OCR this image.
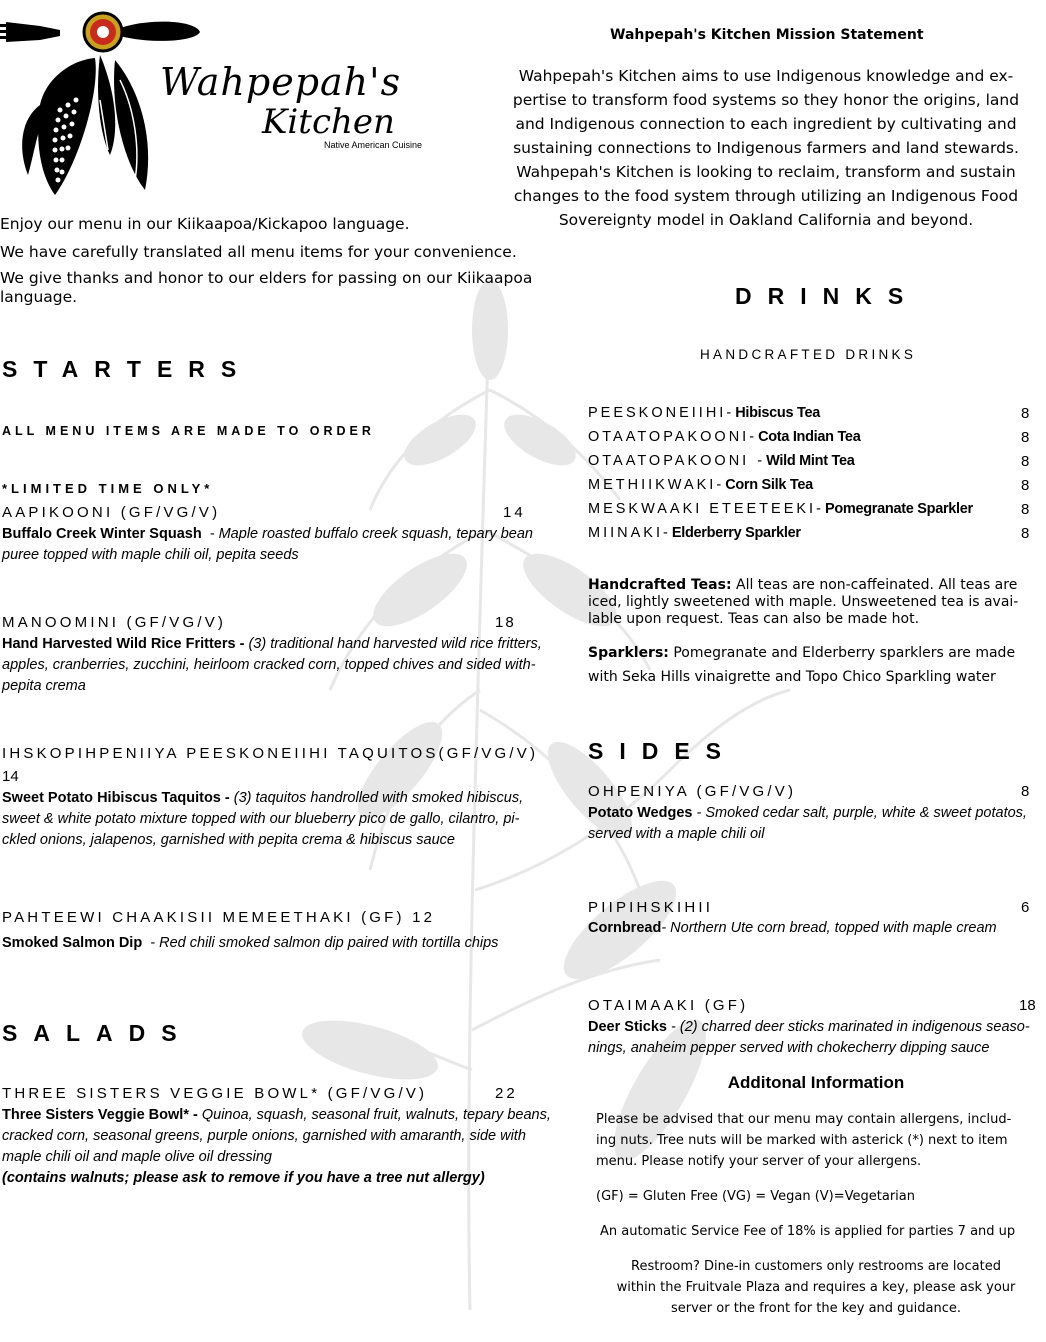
Wahpepah's
Kitchen
Native American Cuisine
Wahpepah's Kitchen Mission Statement
Wahpepah's Kitchen aims to use Indigenous knowledge and ex-
pertise to transform food systems so they honor the origins, land
and Indigenous connection to each ingredient by cultivating and
sustaining connections to Indigenous farmers and land stewards.
Wahpepah's Kitchen is looking to reclaim, transform and sustain
changes to the food system through utilizing an Indigenous Food
Sovereignty model in Oakland California and beyond.
Enjoy our menu in our Kiikaapoa/Kickapoo language.
We have carefully translated all menu items for your convenience.
We give thanks and honor to our elders for passing on our Kiikaapoa language.
STARTERS
ALL MENU ITEMS ARE MADE TO ORDER
*LIMITED TIME ONLY*
AAPIKOONI (GF/VG/V)	14
Buffalo Creek Winter Squash - Maple roasted buffalo creek squash, tepary bean
puree topped with maple chili oil, pepita seeds
MANOOMINI (GF/VG/V)	18
Hand Harvested Wild Rice Fritters - (3) traditional hand harvested wild rice fritters,
apples, cranberries, zucchini, heirloom cracked corn, topped chives and sided with-
pepita crema
IHSKOPIHPENIIYA PEESKONEIIHI TAQUITOS(GF/VG/V)
14
Sweet Potato Hibiscus Taquitos - (3) taquitos handrolled with smoked hibiscus,
sweet & white potato mixture topped with our blueberry pico de gallo, cilantro, pi-
ckled onions, jalapenos, garnished with pepita crema & hibiscus sauce
PAHTEEWI CHAAKISII MEMEETHAKI (GF) 12
Smoked Salmon Dip - Red chili smoked salmon dip paired with tortilla chips
SALADS
THREE SISTERS VEGGIE BOWL* (GF/VG/V)	22
Three Sisters Veggie Bowl* - Quinoa, squash, seasonal fruit, walnuts, tepary beans,
cracked corn, seasonal greens, purple onions, garnished with amaranth, side with
maple chili oil and maple olive oil dressing
(contains walnuts; please ask to remove if you have a tree nut allergy)
DRINKS
HANDCRAFTED DRINKS
PEESKONEIIHI- Hibiscus Tea	8
OTAATOPAKOONI- Cota Indian Tea	8
OTAATOPAKOONI - Wild Mint Tea	8
METHIIKWAKI- Corn Silk Tea	8
MESKWAAKI ETEETEEKI- Pomegranate Sparkler	8
MIINAKI- Elderberry Sparkler	8
Handcrafted Teas: All teas are non-caffeinated. All teas are
iced, lightly sweetened with maple. Unsweetened tea is avai-
lable upon request. Teas can also be made hot.
Sparklers: Pomegranate and Elderberry sparklers are made
with Seka Hills vinaigrette and Topo Chico Sparkling water
SIDES
OHPENIYA (GF/VG/V)	8
Potato Wedges - Smoked cedar salt, purple, white & sweet potatos,
served with a maple chili oil
PIIPIHSKIHII	6
Cornbread- Northern Ute corn bread, topped with maple cream
OTAIMAAKI (GF)	18
Deer Sticks - (2) charred deer sticks marinated in indigenous seaso-
nings, anaheim pepper served with chokecherry dipping sauce
Additonal Information
Please be advised that our menu may contain allergens, includ-
ing nuts. Tree nuts will be marked with asterick (*) next to item
menu. Please notify your server of your allergens.
(GF) = Gluten Free (VG) = Vegan (V)=Vegetarian
An automatic Service Fee of 18% is applied for parties 7 and up
Restroom? Dine-in customers only restrooms are located
within the Fruitvale Plaza and requires a key, please ask your
server or the front for the key and guidance.
